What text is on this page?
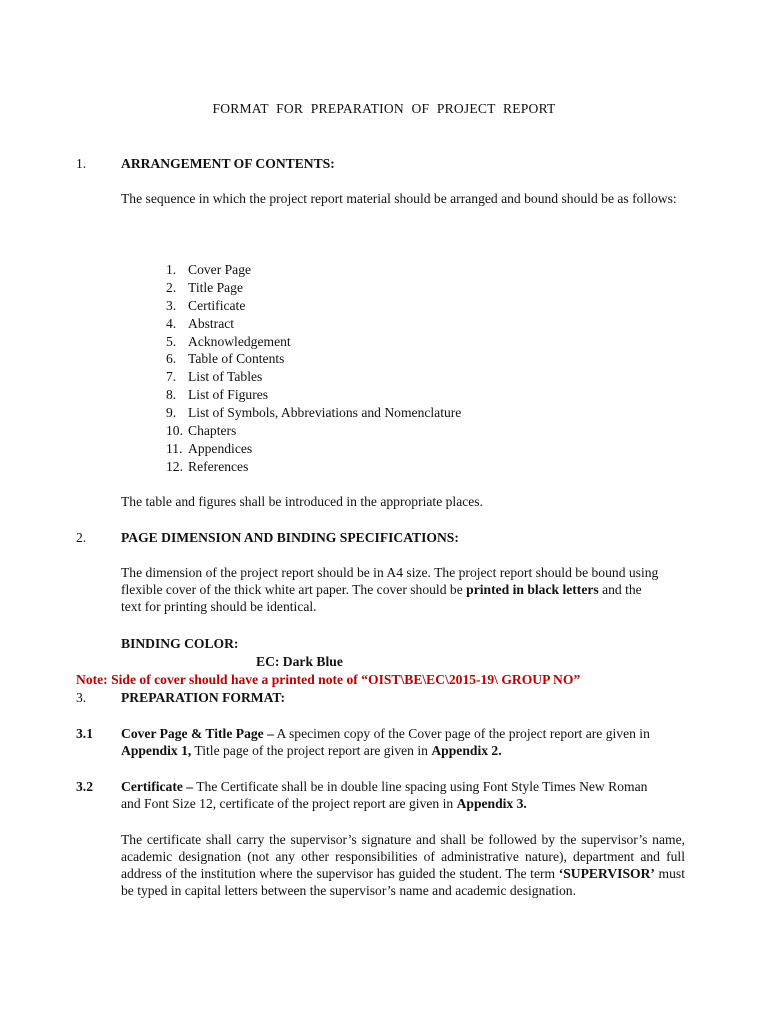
FORMAT FOR PREPARATION OF PROJECT REPORT
1.	ARRANGEMENT OF CONTENTS:
The sequence in which the project report material should be arranged and bound should be as follows:
1. Cover Page
2. Title Page
3. Certificate
4. Abstract
5. Acknowledgement
6. Table of Contents
7. List of Tables
8. List of Figures
9. List of Symbols, Abbreviations and Nomenclature
10. Chapters
11. Appendices
12. References
The table and figures shall be introduced in the appropriate places.
2.	PAGE DIMENSION AND BINDING SPECIFICATIONS:
The dimension of the project report should be in A4 size. The project report should be bound using flexible cover of the thick white art paper. The cover should be printed in black letters and the text for printing should be identical.
BINDING COLOR:
EC: Dark Blue
Note: Side of cover should have a printed note of “OIST\BE\EC\2015-19\ GROUP NO”
3.	PREPARATION FORMAT:
3.1 Cover Page & Title Page – A specimen copy of the Cover page of the project report are given in Appendix 1, Title page of the project report are given in Appendix 2.
3.2 Certificate – The Certificate shall be in double line spacing using Font Style Times New Roman and Font Size 12, certificate of the project report are given in Appendix 3.
The certificate shall carry the supervisor’s signature and shall be followed by the supervisor’s name, academic designation (not any other responsibilities of administrative nature), department and full address of the institution where the supervisor has guided the student. The term ‘SUPERVISOR’ must be typed in capital letters between the supervisor’s name and academic designation.
